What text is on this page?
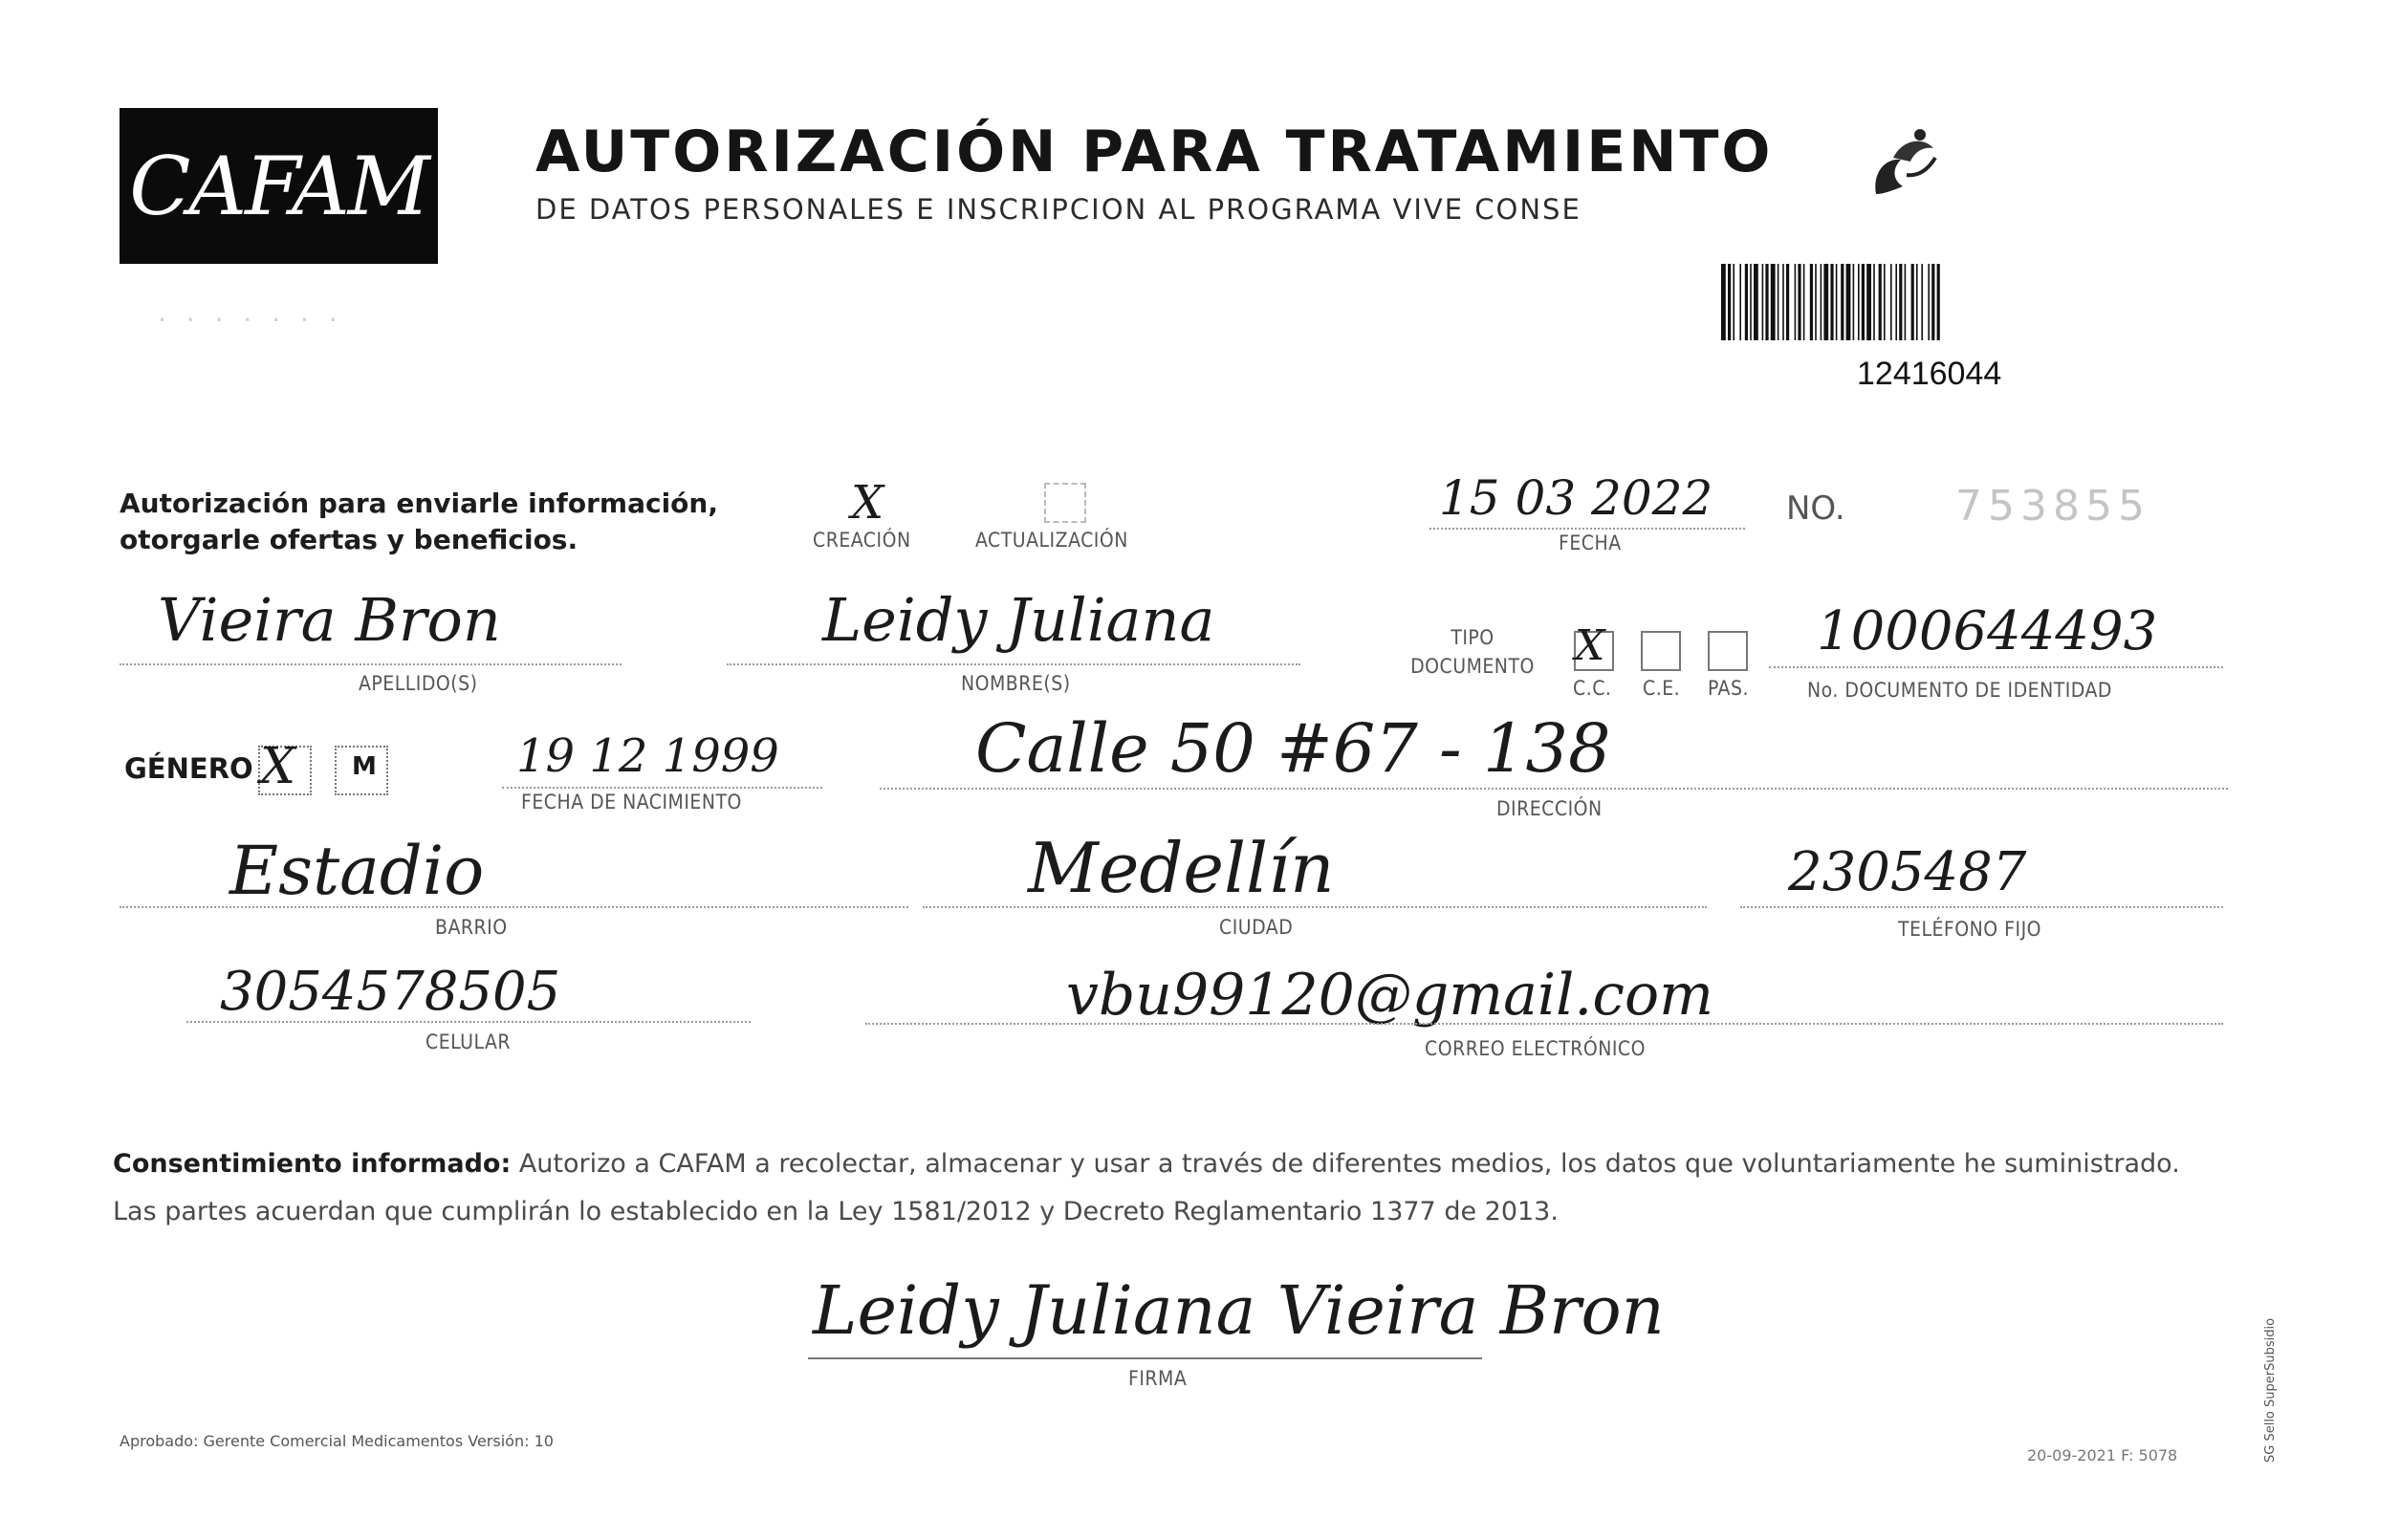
CAFAM AUTORIZACIÓN PARA TRATAMIENTO
DE DATOS PERSONALES E INSCRIPCION AL PROGRAMA VIVE CONSE
· · · · · · ·
12416044
Autorización para enviarle información, otorgarle ofertas y beneficios.
X
CREACIÓN	ACTUALIZACIÓN
15 03 2022
FECHA
NO.	753855
Vieira Bron
APELLIDO(S)
Leidy Juliana
NOMBRE(S)
TIPO DOCUMENTO X
C.C. C.E. PAS.
1000644493
No. DOCUMENTO DE IDENTIDAD
GÉNERO X M	19 12 1999
FECHA DE NACIMIENTO
Calle 50 #67 - 138
DIRECCIÓN
Estadio
BARRIO
Medellín
CIUDAD
2305487
TELÉFONO FIJO
3054578505
CELULAR
vbu99120@gmail.com
CORREO ELECTRÓNICO
Consentimiento informado: Autorizo a CAFAM a recolectar, almacenar y usar a través de diferentes medios, los datos que voluntariamente he suministrado. Las partes acuerdan que cumplirán lo establecido en la Ley 1581/2012 y Decreto Reglamentario 1377 de 2013.
Leidy Juliana Vieira Bron
FIRMA
Aprobado: Gerente Comercial Medicamentos Versión: 10
20-09-2021 F: 5078	SG Sello SuperSubsidio
